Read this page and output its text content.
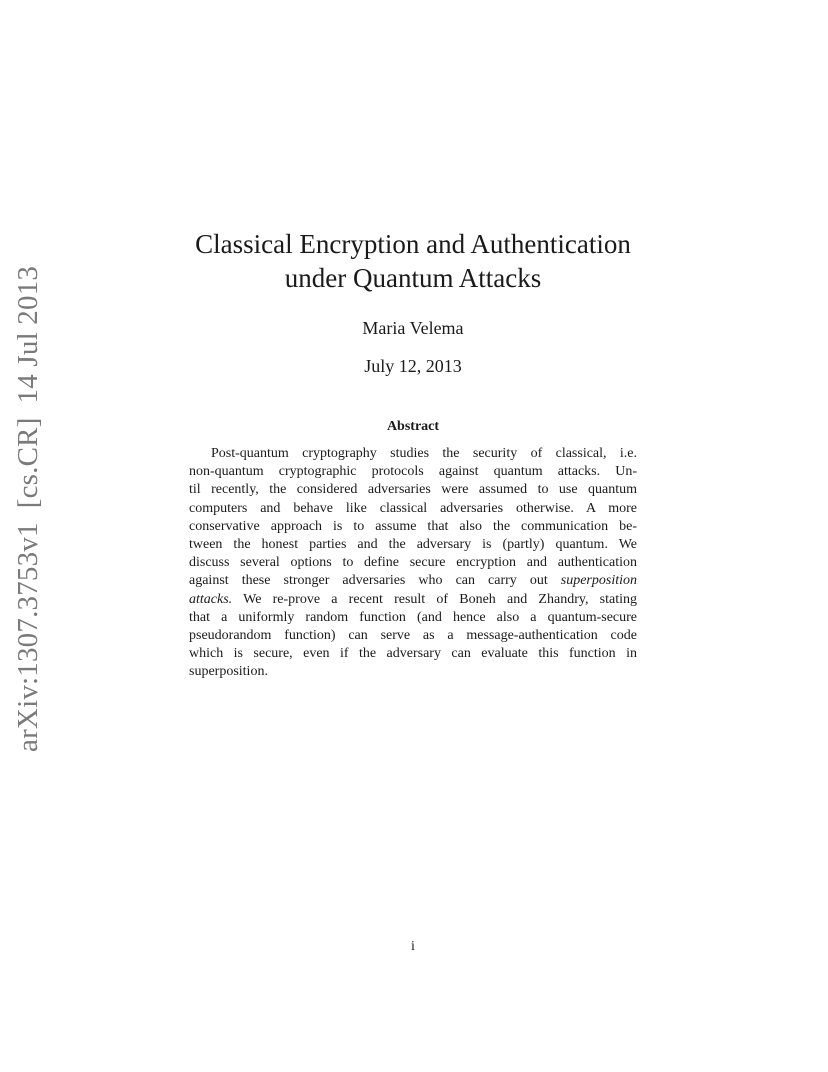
arXiv:1307.3753v1[cs.CR]14 Jul 2013
Classical Encryption and Authentication
under Quantum Attacks
Maria Velema
July 12, 2013
Abstract
Post-quantum cryptography studies the security of classical, i.e.
non-quantum cryptographic protocols against quantum attacks. Un-
til recently, the considered adversaries were assumed to use quantum
computers and behave like classical adversaries otherwise. A more
conservative approach is to assume that also the communication be-
tween the honest parties and the adversary is (partly) quantum. We
discuss several options to define secure encryption and authentication
against these stronger adversaries who can carry out superposition
attacks. We re-prove a recent result of Boneh and Zhandry, stating
that a uniformly random function (and hence also a quantum-secure
pseudorandom function) can serve as a message-authentication code
which is secure, even if the adversary can evaluate this function in
superposition.
i
